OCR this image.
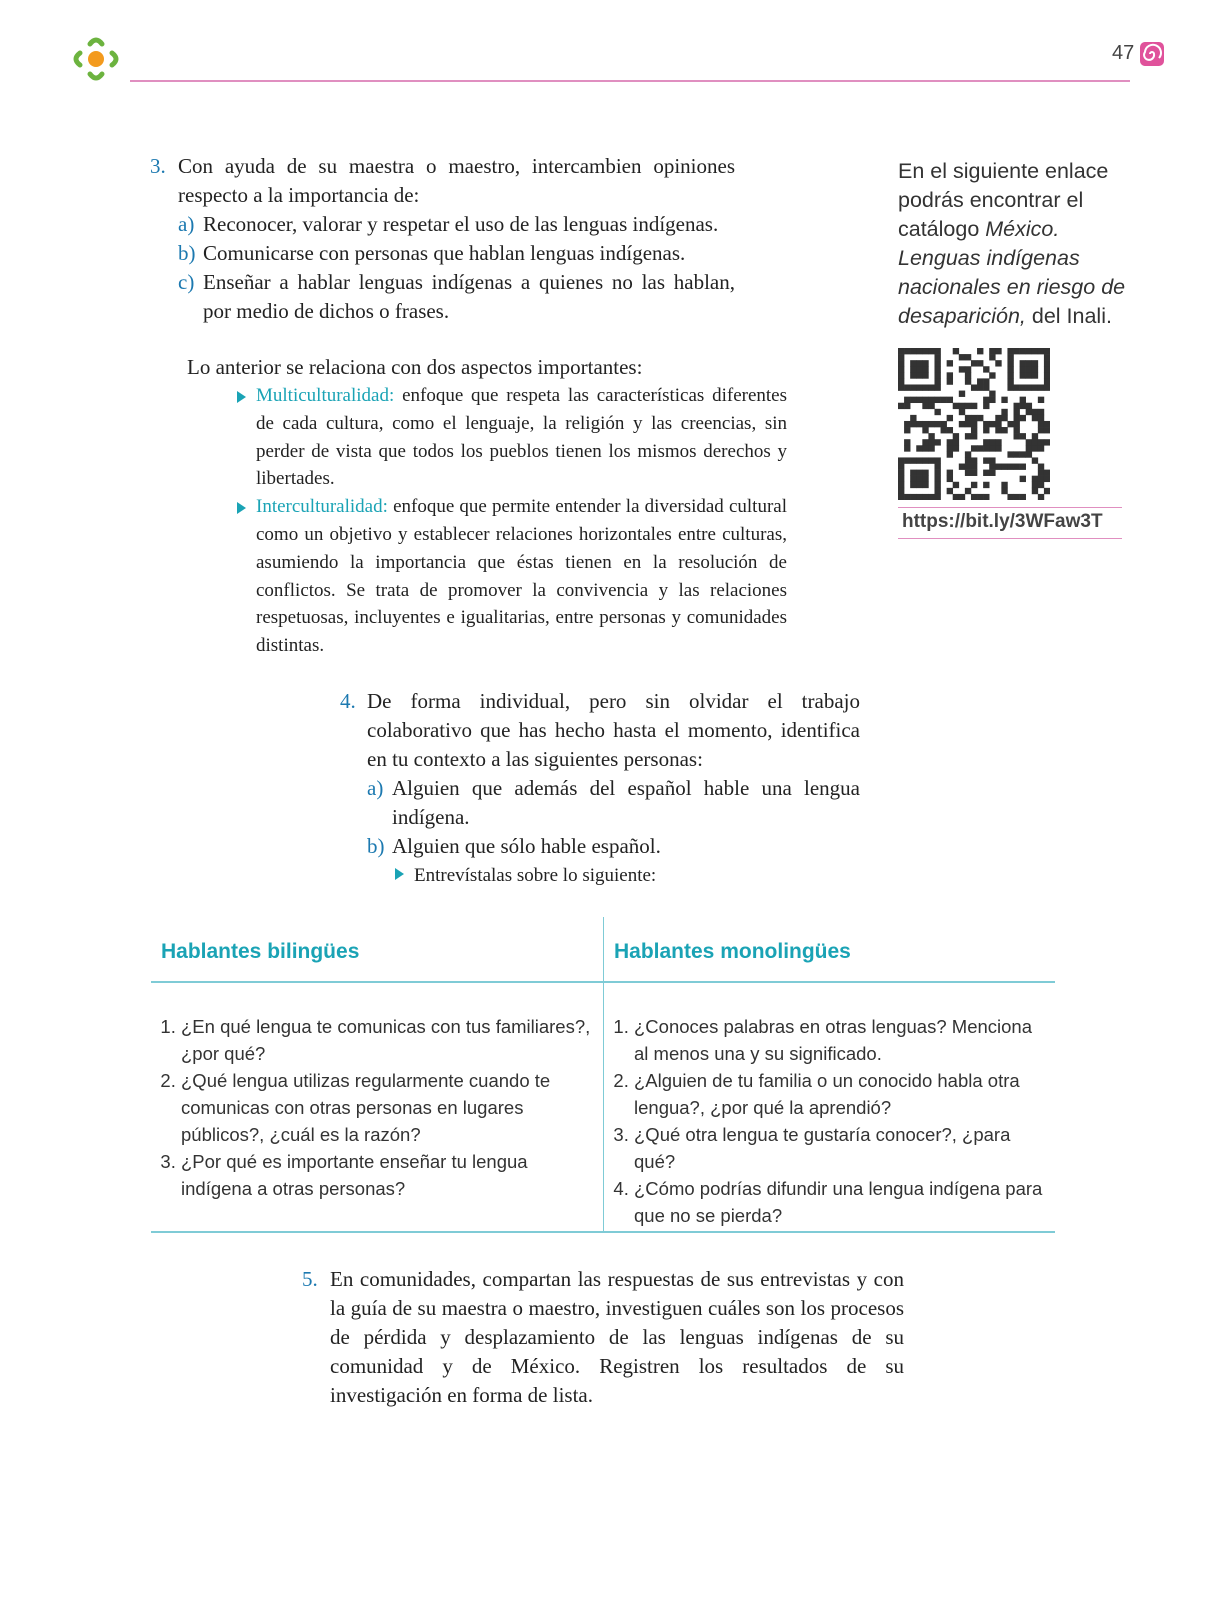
47
3. Con ayuda de su maestra o maestro, intercambien opiniones respecto a la importancia de:
a) Reconocer, valorar y respetar el uso de las lenguas indígenas.
b) Comunicarse con personas que hablan lenguas indígenas.
c) Enseñar a hablar lenguas indígenas a quienes no las hablan, por medio de dichos o frases.
Lo anterior se relaciona con dos aspectos importantes:
Multiculturalidad: enfoque que respeta las características diferentes de cada cultura, como el lenguaje, la religión y las creencias, sin perder de vista que todos los pueblos tienen los mismos derechos y libertades.
Interculturalidad: enfoque que permite entender la diversidad cultural como un objetivo y establecer relaciones horizontales entre culturas, asumiendo la importancia que éstas tienen en la resolución de conflictos. Se trata de promover la convivencia y las relaciones respetuosas, incluyentes e igualitarias, entre personas y comunidades distintas.
En el siguiente enlace podrás encontrar el catálogo México. Lenguas indígenas nacionales en riesgo de desaparición, del Inali.
https://bit.ly/3WFaw3T
4. De forma individual, pero sin olvidar el trabajo colaborativo que has hecho hasta el momento, identifica en tu contexto a las siguientes personas:
a) Alguien que además del español hable una lengua indígena.
b) Alguien que sólo hable español.
Entrevístalas sobre lo siguiente:
Hablantes bilingües	Hablantes monolingües
1. ¿En qué lengua te comunicas con tus familiares?, ¿por qué?
2. ¿Qué lengua utilizas regularmente cuando te comunicas con otras personas en lugares públicos?, ¿cuál es la razón?
3. ¿Por qué es importante enseñar tu lengua indígena a otras personas?
1. ¿Conoces palabras en otras lenguas? Menciona al menos una y su significado.
2. ¿Alguien de tu familia o un conocido habla otra lengua?, ¿por qué la aprendió?
3. ¿Qué otra lengua te gustaría conocer?, ¿para qué?
4. ¿Cómo podrías difundir una lengua indígena para que no se pierda?
5. En comunidades, compartan las respuestas de sus entrevistas y con la guía de su maestra o maestro, investiguen cuáles son los procesos de pérdida y desplazamiento de las lenguas indígenas de su comunidad y de México. Registren los resultados de su investigación en forma de lista.
